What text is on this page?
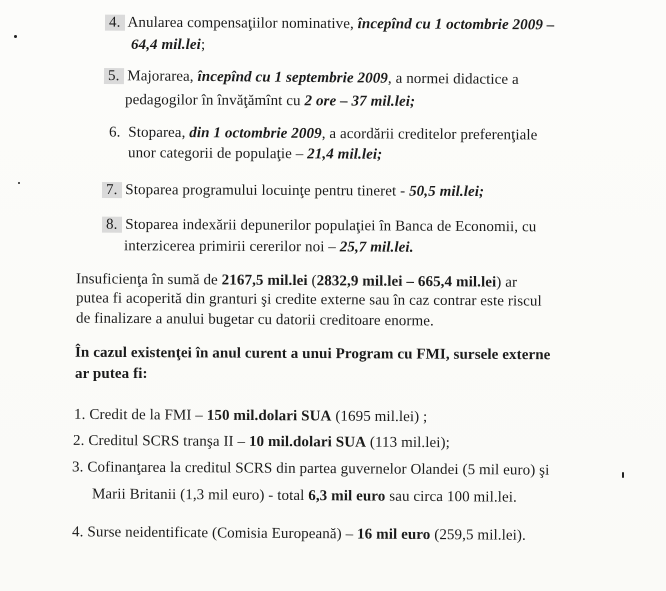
4. Anularea compensaţiilor nominative, începînd cu 1 octombrie 2009 –
64,4 mil.lei;
5. Majorarea, începînd cu 1 septembrie 2009, a normei didactice a
pedagogilor în învăţămînt cu 2 ore – 37 mil.lei;
6. Stoparea, din 1 octombrie 2009, a acordării creditelor preferenţiale
unor categorii de populaţie – 21,4 mil.lei;
7. Stoparea programului locuinţe pentru tineret - 50,5 mil.lei;
8. Stoparea indexării depunerilor populaţiei în Banca de Economii, cu
interzicerea primirii cererilor noi – 25,7 mil.lei.
Insuficienţa în sumă de 2167,5 mil.lei (2832,9 mil.lei – 665,4 mil.lei) ar
putea fi acoperită din granturi şi credite externe sau în caz contrar este riscul
de finalizare a anului bugetar cu datorii creditoare enorme.
În cazul existenţei în anul curent a unui Program cu FMI, sursele externe
ar putea fi:
1. Credit de la FMI – 150 mil.dolari SUA (1695 mil.lei) ;
2. Creditul SCRS tranşa II – 10 mil.dolari SUA (113 mil.lei);
3. Cofinanţarea la creditul SCRS din partea guvernelor Olandei (5 mil euro) şi
Marii Britanii (1,3 mil euro) - total 6,3 mil euro sau circa 100 mil.lei.
4. Surse neidentificate (Comisia Europeană) – 16 mil euro (259,5 mil.lei).
